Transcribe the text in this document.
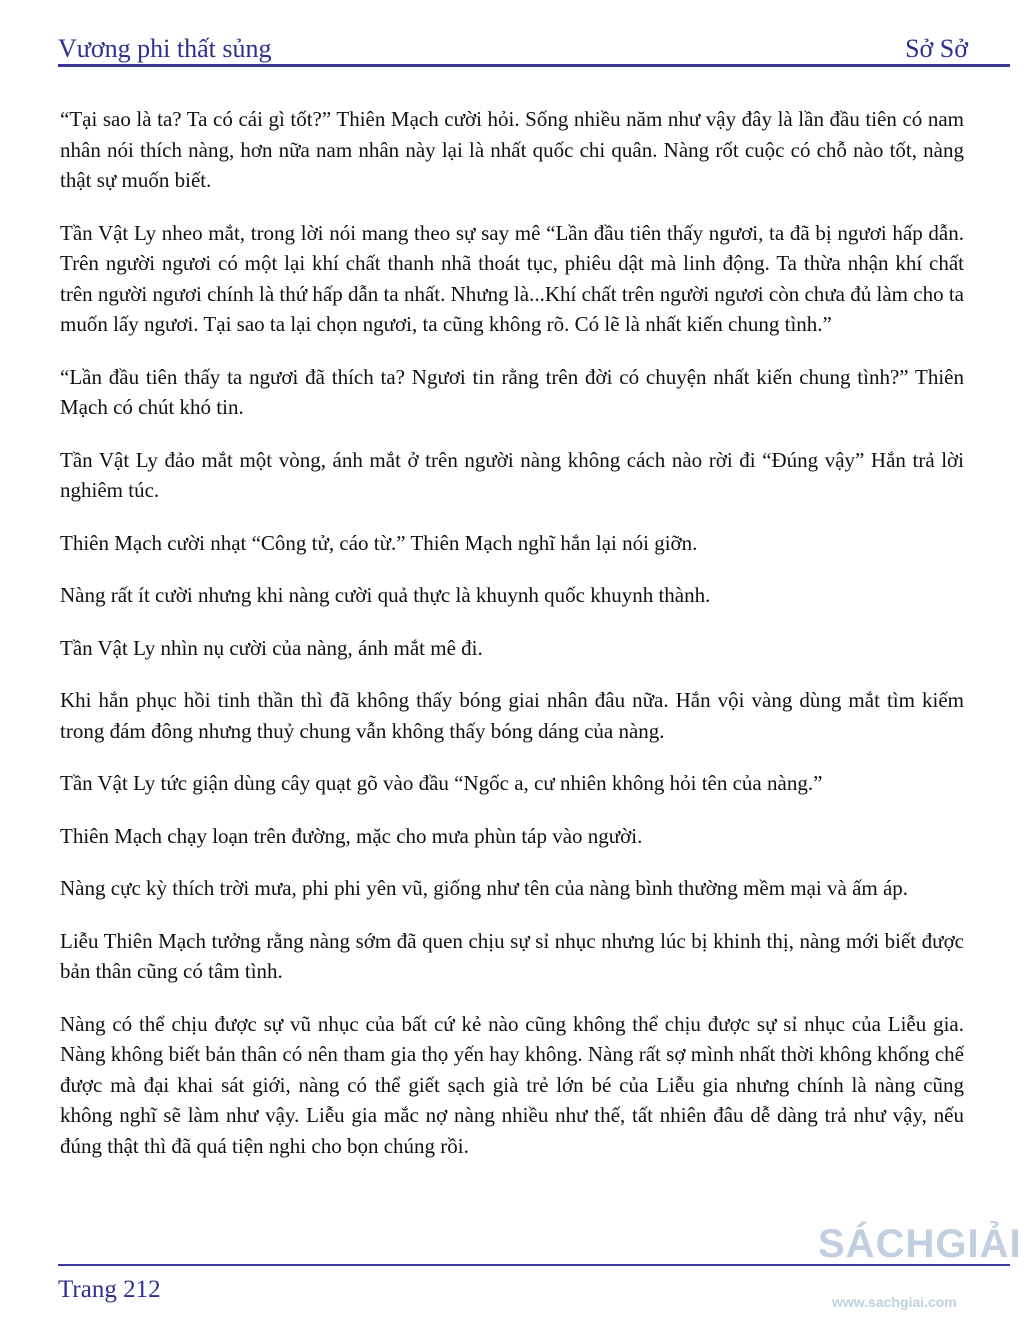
Vương phi thất sủng	Sở Sở

“Tại sao là ta? Ta có cái gì tốt?” Thiên Mạch cười hỏi. Sống nhiều năm như vậy đây là lần đầu tiên có nam nhân nói thích nàng, hơn nữa nam nhân này lại là nhất quốc chi quân. Nàng rốt cuộc có chỗ nào tốt, nàng thật sự muốn biết.

Tần Vật Ly nheo mắt, trong lời nói mang theo sự say mê “Lần đầu tiên thấy ngươi, ta đã bị ngươi hấp dẫn. Trên người ngươi có một lại khí chất thanh nhã thoát tục, phiêu dật mà linh động. Ta thừa nhận khí chất trên người ngươi chính là thứ hấp dẫn ta nhất. Nhưng là...Khí chất trên người ngươi còn chưa đủ làm cho ta muốn lấy ngươi. Tại sao ta lại chọn ngươi, ta cũng không rõ. Có lẽ là nhất kiến chung tình.”

“Lần đầu tiên thấy ta ngươi đã thích ta? Ngươi tin rằng trên đời có chuyện nhất kiến chung tình?” Thiên Mạch có chút khó tin.

Tần Vật Ly đảo mắt một vòng, ánh mắt ở trên người nàng không cách nào rời đi “Đúng vậy” Hắn trả lời nghiêm túc.

Thiên Mạch cười nhạt “Công tử, cáo từ.” Thiên Mạch nghĩ hắn lại nói giỡn.

Nàng rất ít cười nhưng khi nàng cười quả thực là khuynh quốc khuynh thành.

Tần Vật Ly nhìn nụ cười của nàng, ánh mắt mê đi.

Khi hắn phục hồi tinh thần thì đã không thấy bóng giai nhân đâu nữa. Hắn vội vàng dùng mắt tìm kiếm trong đám đông nhưng thuỷ chung vẫn không thấy bóng dáng của nàng.

Tần Vật Ly tức giận dùng cây quạt gõ vào đầu “Ngốc a, cư nhiên không hỏi tên của nàng.”

Thiên Mạch chạy loạn trên đường, mặc cho mưa phùn táp vào người.

Nàng cực kỳ thích trời mưa, phi phi yên vũ, giống như tên của nàng bình thường mềm mại và ấm áp.

Liễu Thiên Mạch tưởng rằng nàng sớm đã quen chịu sự sỉ nhục nhưng lúc bị khinh thị, nàng mới biết được bản thân cũng có tâm tình.

Nàng có thể chịu được sự vũ nhục của bất cứ kẻ nào cũng không thể chịu được sự sỉ nhục của Liễu gia. Nàng không biết bản thân có nên tham gia thọ yến hay không. Nàng rất sợ mình nhất thời không khống chế được mà đại khai sát giới, nàng có thể giết sạch già trẻ lớn bé của Liễu gia nhưng chính là nàng cũng không nghĩ sẽ làm như vậy. Liễu gia mắc nợ nàng nhiều như thế, tất nhiên đâu dễ dàng trả như vậy, nếu đúng thật thì đã quá tiện nghi cho bọn chúng rồi.

Trang 212
SÁCHGIẢI
www.sachgiai.com
